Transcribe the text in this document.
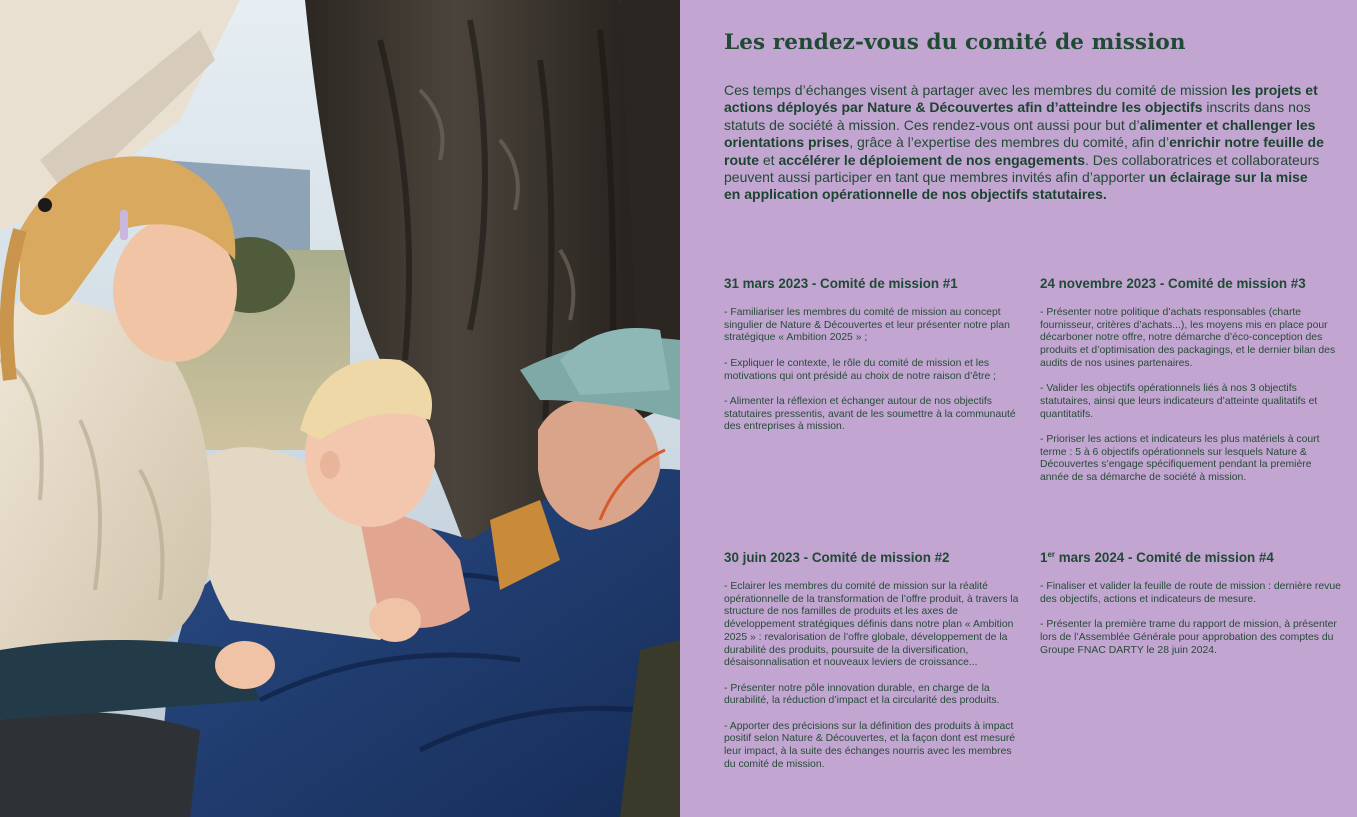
Les rendez-vous du comité de mission

Ces temps d’échanges visent à partager avec les membres du comité de mission les projets et actions déployés par Nature & Découvertes afin d’atteindre les objectifs inscrits dans nos statuts de société à mission. Ces rendez-vous ont aussi pour but d’alimenter et challenger les orientations prises, grâce à l’expertise des membres du comité, afin d’enrichir notre feuille de route et accélérer le déploiement de nos engagements. Des collaboratrices et collaborateurs peuvent aussi participer en tant que membres invités afin d’apporter un éclairage sur la mise en application opérationnelle de nos objectifs statutaires.

31 mars 2023 - Comité de mission #1

- Familiariser les membres du comité de mission au concept singulier de Nature & Découvertes et leur présenter notre plan stratégique « Ambition 2025 » ;

- Expliquer le contexte, le rôle du comité de mission et les motivations qui ont présidé au choix de notre raison d’être ;

- Alimenter la réflexion et échanger autour de nos objectifs statutaires pressentis, avant de les soumettre à la communauté des entreprises à mission.

24 novembre 2023 - Comité de mission #3

- Présenter notre politique d’achats responsables (charte fournisseur, critères d’achats...), les moyens mis en place pour décarboner notre offre, notre démarche d’éco-conception des produits et d’optimisation des packagings, et le dernier bilan des audits de nos usines partenaires.

- Valider les objectifs opérationnels liés à nos 3 objectifs statutaires, ainsi que leurs indicateurs d’atteinte qualitatifs et quantitatifs.

- Prioriser les actions et indicateurs les plus matériels à court terme : 5 à 6 objectifs opérationnels sur lesquels Nature & Découvertes s’engage spécifiquement pendant la première année de sa démarche de société à mission.

30 juin 2023 - Comité de mission #2

- Eclairer les membres du comité de mission sur la réalité opérationnelle de la transformation de l’offre produit, à travers la structure de nos familles de produits et les axes de développement stratégiques définis dans notre plan « Ambition 2025 » : revalorisation de l’offre globale, développement de la durabilité des produits, poursuite de la diversification, désaisonnalisation et nouveaux leviers de croissance...

- Présenter notre pôle innovation durable, en charge de la durabilité, la réduction d’impact et la circularité des produits.

- Apporter des précisions sur la définition des produits à impact positif selon Nature & Découvertes, et la façon dont est mesuré leur impact, à la suite des échanges nourris avec les membres du comité de mission.

1er mars 2024 - Comité de mission #4

- Finaliser et valider la feuille de route de mission : dernière revue des objectifs, actions et indicateurs de mesure.

- Présenter la première trame du rapport de mission, à présenter lors de l’Assemblée Générale pour approbation des comptes du Groupe FNAC DARTY le 28 juin 2024.
